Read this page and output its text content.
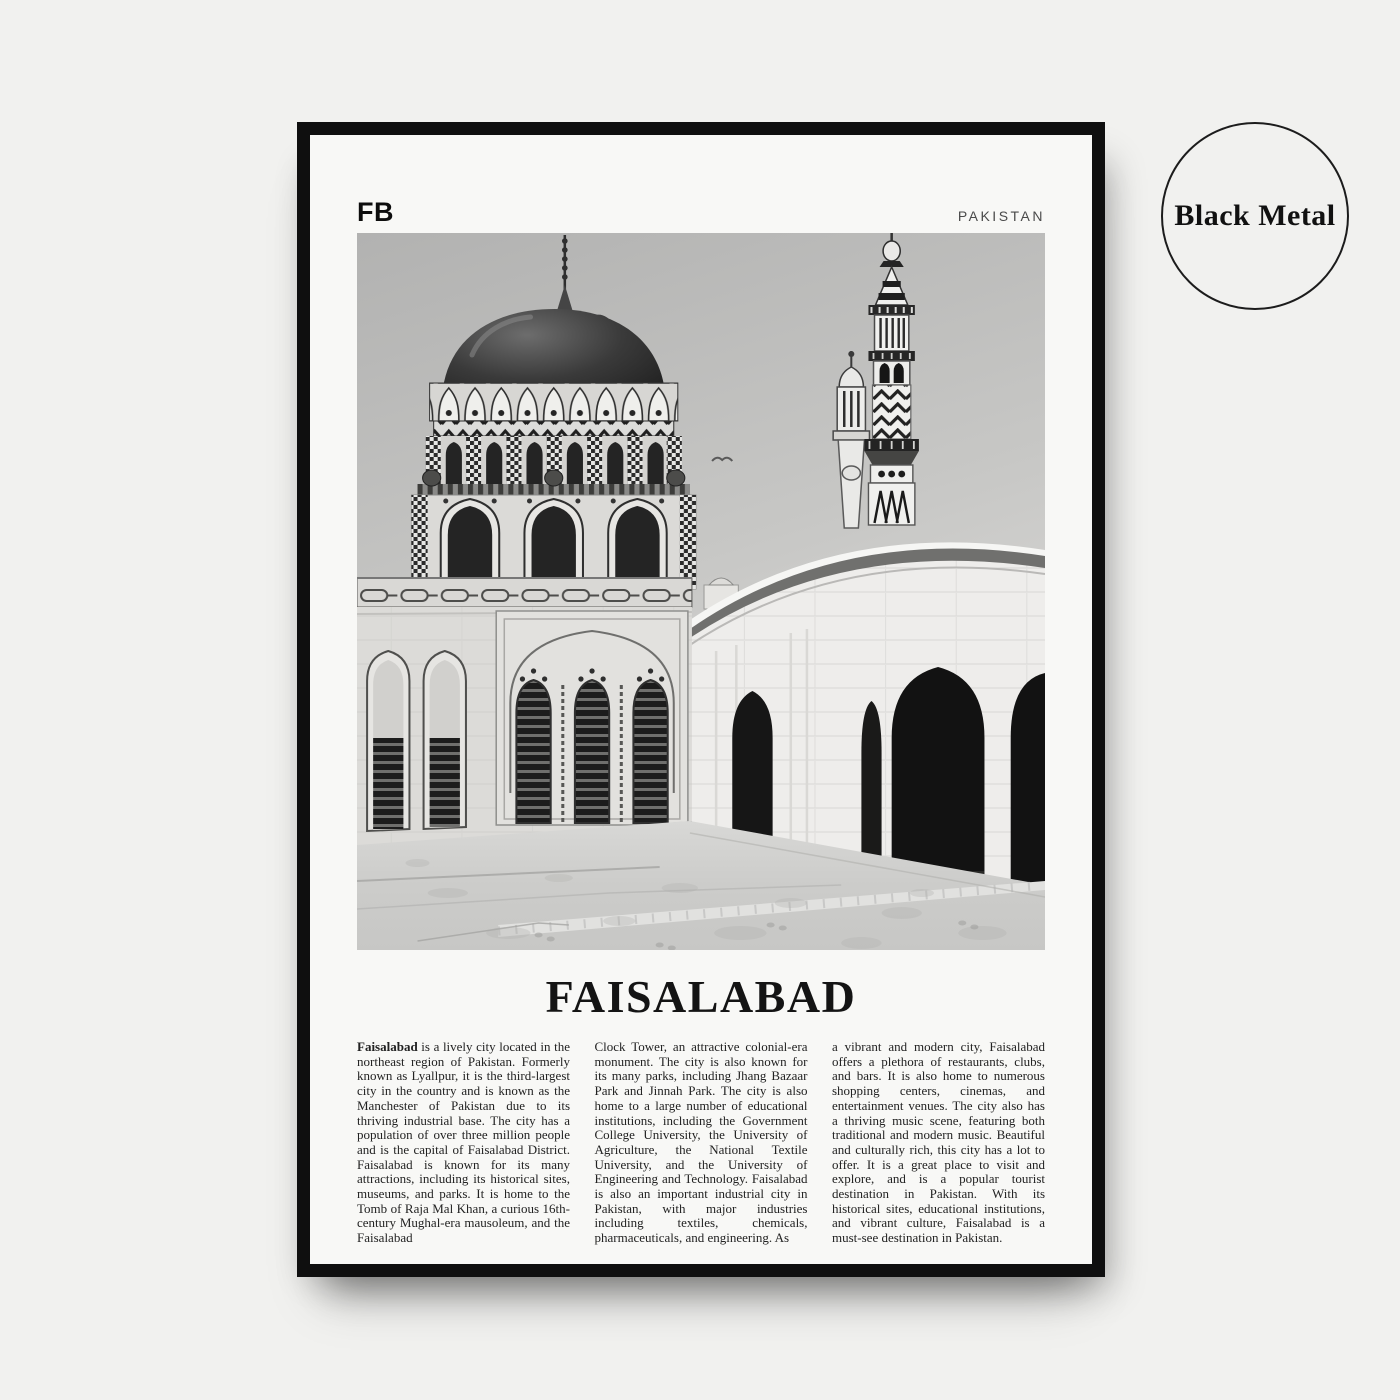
Black Metal
FB	PAKISTAN
FAISALABAD

Faisalabad is a lively city located in the northeast region of Pakistan. Formerly known as Lyallpur, it is the third-largest city in the country and is known as the Manchester of Pakistan due to its thriving industrial base. The city has a population of over three million people and is the capital of Faisalabad District. Faisalabad is known for its many attractions, including its historical sites, museums, and parks. It is home to the Tomb of Raja Mal Khan, a curious 16th-century Mughal-era mausoleum, and the Faisalabad

Clock Tower, an attractive colonial-era monument. The city is also known for its many parks, including Jhang Bazaar Park and Jinnah Park. The city is also home to a large number of educational institutions, including the Government College University, the University of Agriculture, the National Textile University, and the University of Engineering and Technology. Faisalabad is also an important industrial city in Pakistan, with major industries including textiles, chemicals, pharmaceuticals, and engineering. As

a vibrant and modern city, Faisalabad offers a plethora of restaurants, clubs, and bars. It is also home to numerous shopping centers, cinemas, and entertainment venues. The city also has a thriving music scene, featuring both traditional and modern music. Beautiful and culturally rich, this city has a lot to offer. It is a great place to visit and explore, and is a popular tourist destination in Pakistan. With its historical sites, educational institutions, and vibrant culture, Faisalabad is a must-see destination in Pakistan.
